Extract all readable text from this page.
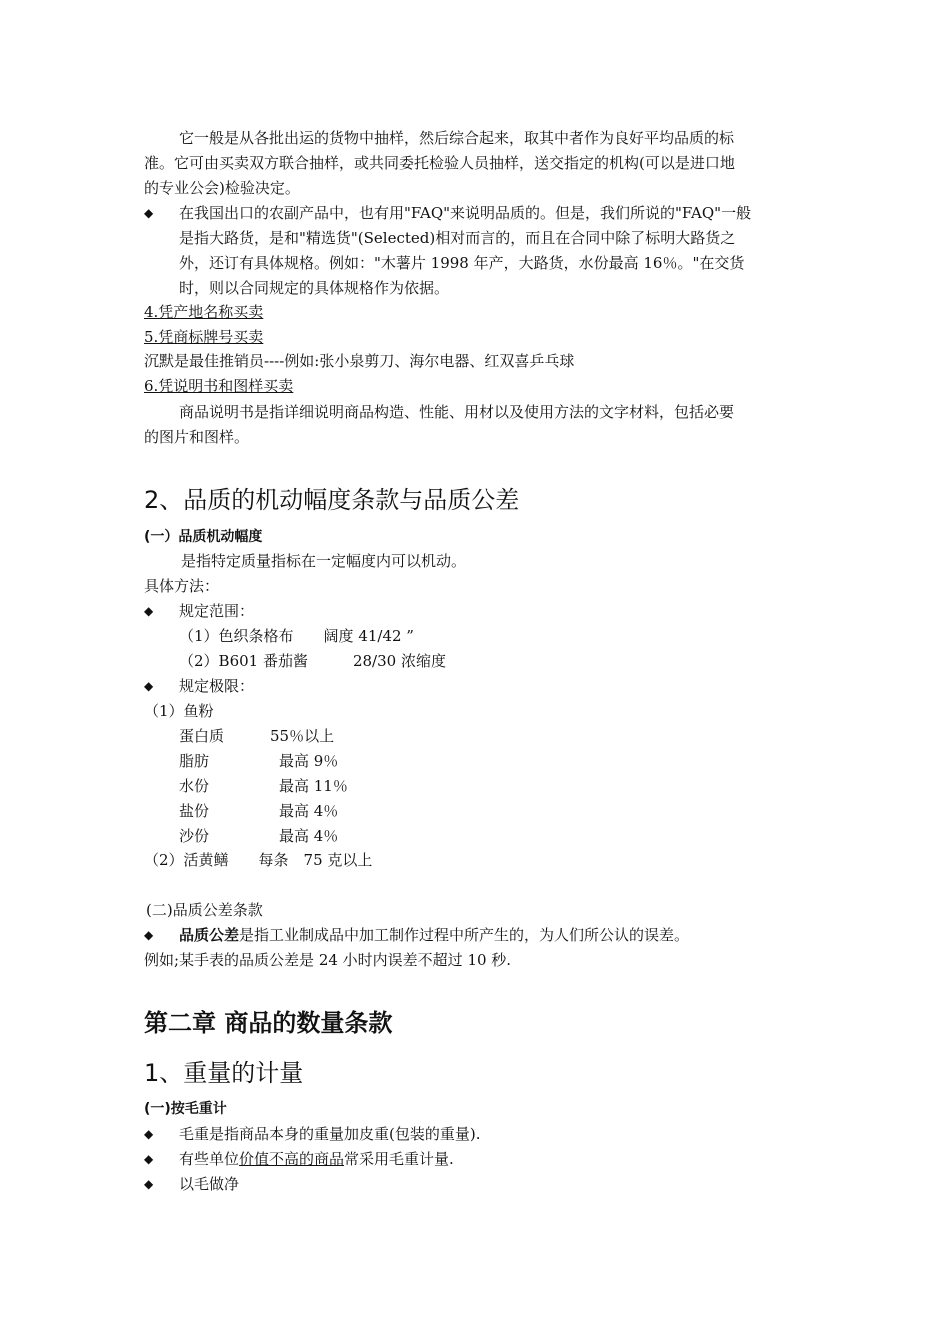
它一般是从各批出运的货物中抽样，然后综合起来，取其中者作为良好平均品质的标
准。它可由买卖双方联合抽样，或共同委托检验人员抽样，送交指定的机构(可以是进口地
的专业公会)检验决定。
◆ 在我国出口的农副产品中，也有用"FAQ"来说明品质的。但是，我们所说的"FAQ"一般
是指大路货，是和"精选货"(Selected)相对而言的，而且在合同中除了标明大路货之
外，还订有具体规格。例如："木薯片 1998 年产，大路货，水份最高 16％。"在交货
时，则以合同规定的具体规格作为依据。
4.凭产地名称买卖
5.凭商标牌号买卖
沉默是最佳推销员----例如:张小泉剪刀、海尔电器、红双喜乒乓球
6.凭说明书和图样买卖
商品说明书是指详细说明商品构造、性能、用材以及使用方法的文字材料，包括必要
的图片和图样。
2、品质的机动幅度条款与品质公差
(一）品质机动幅度
是指特定质量指标在一定幅度内可以机动。
具体方法：
◆ 规定范围：
（1）色织条格布　　阔度 41/42 ”
（2）B601 番茄酱　　　28/30 浓缩度
◆ 规定极限：
（1）鱼粉
蛋白质	55％以上
脂肪	最高 9％
水份	最高 11％
盐份	最高 4％
沙份	最高 4％
（2）活黄鳝　　每条　75 克以上
(二)品质公差条款
◆ 品质公差是指工业制成品中加工制作过程中所产生的，为人们所公认的误差。
例如;某手表的品质公差是 24 小时内误差不超过 10 秒.
第二章 商品的数量条款
1、重量的计量
(一)按毛重计
◆ 毛重是指商品本身的重量加皮重(包装的重量).
◆ 有些单位价值不高的商品常采用毛重计量.
◆ 以毛做净
